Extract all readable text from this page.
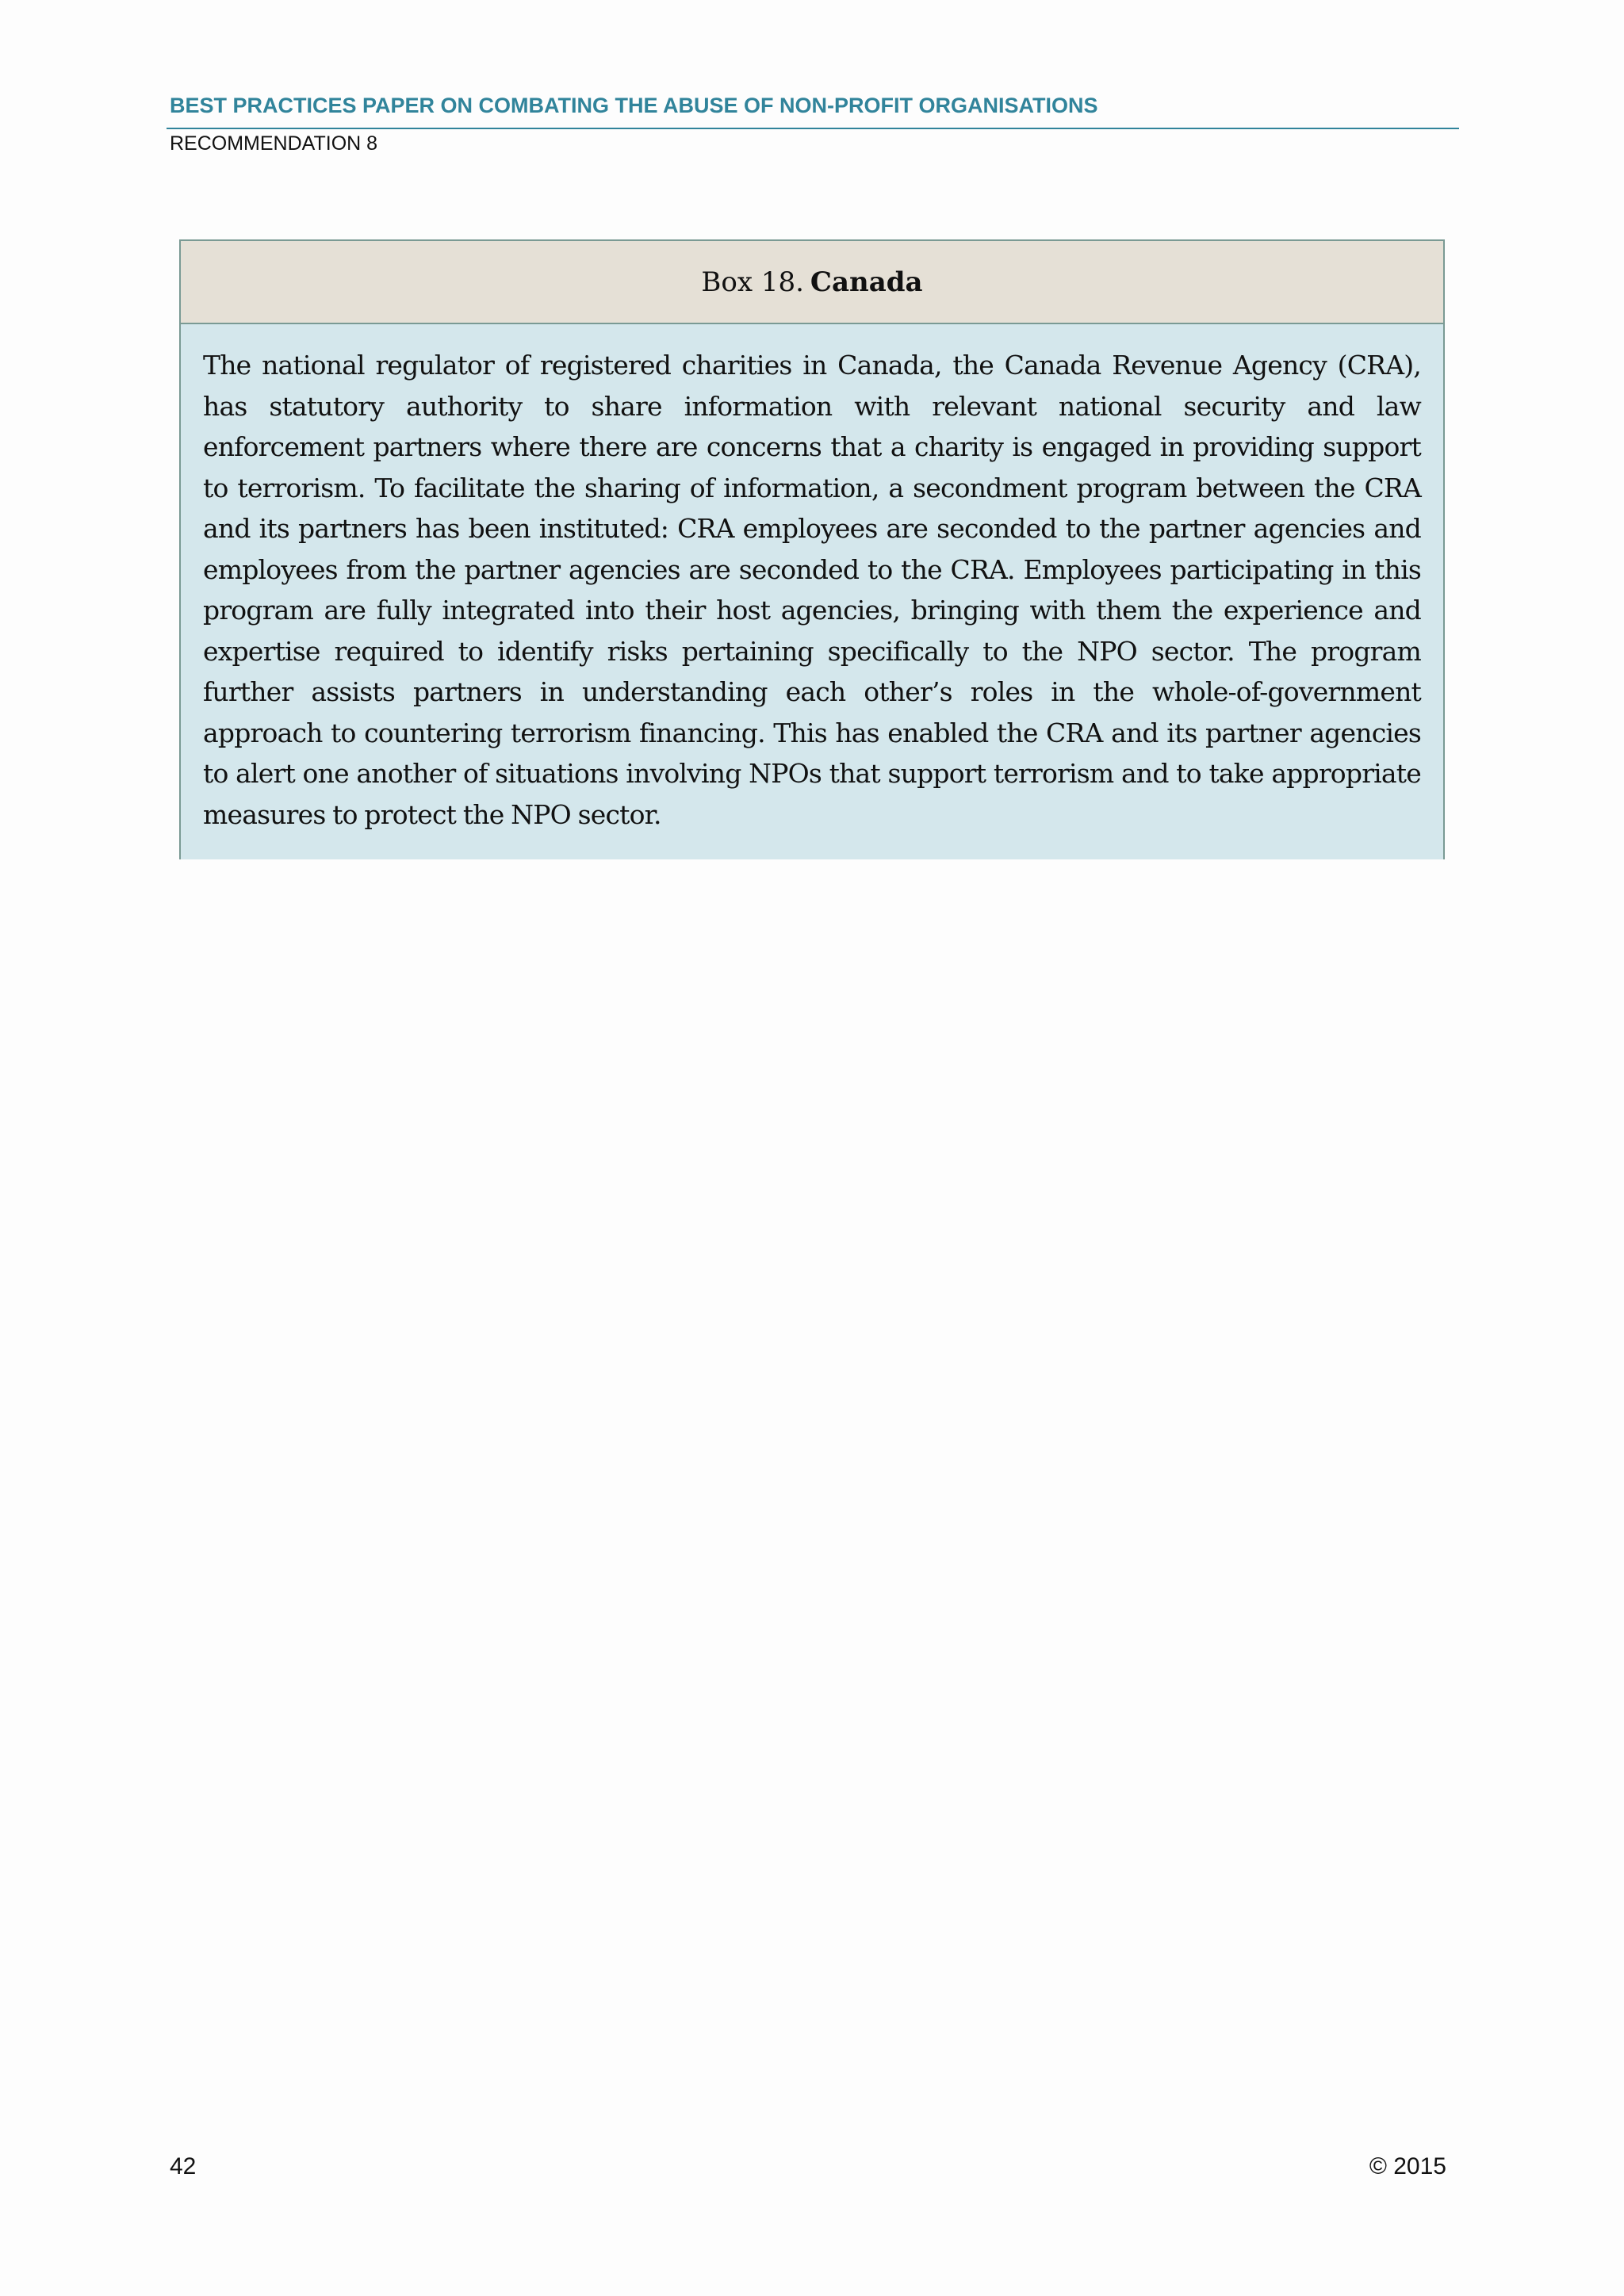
BEST PRACTICES PAPER ON COMBATING THE ABUSE OF NON-PROFIT ORGANISATIONS
RECOMMENDATION 8
Box 18. Canada

The national regulator of registered charities in Canada, the Canada Revenue Agency (CRA), has statutory authority to share information with relevant national security and law enforcement partners where there are concerns that a charity is engaged in providing support to terrorism. To facilitate the sharing of information, a secondment program between the CRA and its partners has been instituted: CRA employees are seconded to the partner agencies and employees from the partner agencies are seconded to the CRA. Employees participating in this program are fully integrated into their host agencies, bringing with them the experience and expertise required to identify risks pertaining specifically to the NPO sector. The program further assists partners in understanding each other’s roles in the whole-of-government approach to countering terrorism financing. This has enabled the CRA and its partner agencies to alert one another of situations involving NPOs that support terrorism and to take appropriate measures to protect the NPO sector.

42	© 2015
